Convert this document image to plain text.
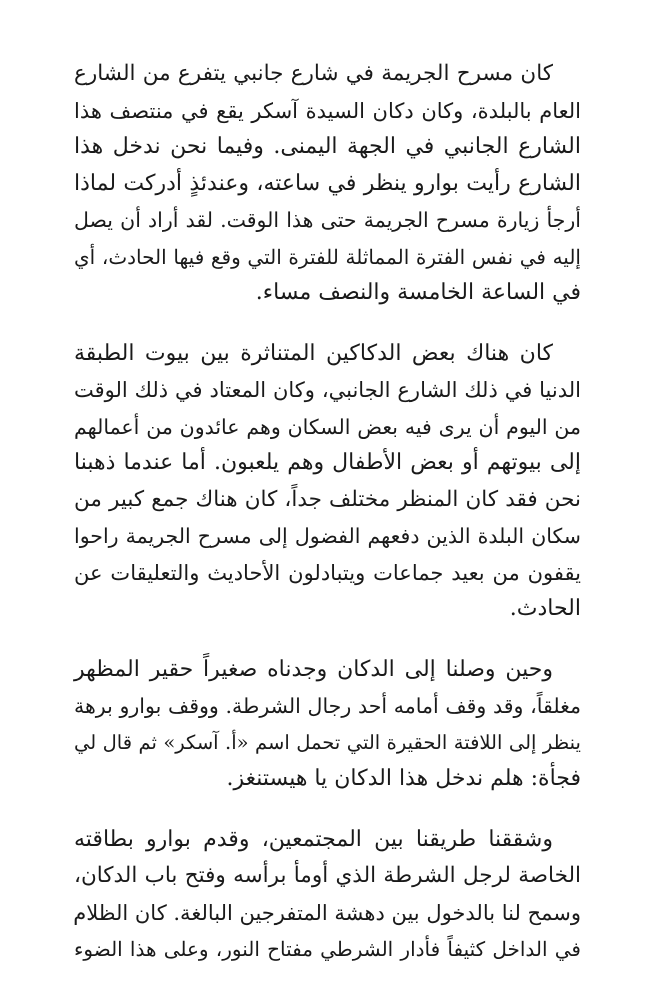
كان مسرح الجريمة في شارع جانبي يتفرع من الشارع
العام بالبلدة، وكان دكان السيدة آسكر يقع في منتصف هذا
الشارع الجانبي في الجهة اليمنى. وفيما نحن ندخل هذا
الشارع رأيت بوارو ينظر في ساعته، وعندئذٍ أدركت لماذا
أرجأ زيارة مسرح الجريمة حتى هذا الوقت. لقد أراد أن يصل
إليه في نفس الفترة المماثلة للفترة التي وقع فيها الحادث، أي
في الساعة الخامسة والنصف مساء.

كان هناك بعض الدكاكين المتناثرة بين بيوت الطبقة
الدنيا في ذلك الشارع الجانبي، وكان المعتاد في ذلك الوقت
من اليوم أن يرى فيه بعض السكان وهم عائدون من أعمالهم
إلى بيوتهم أو بعض الأطفال وهم يلعبون. أما عندما ذهبنا
نحن فقد كان المنظر مختلف جداً، كان هناك جمع كبير من
سكان البلدة الذين دفعهم الفضول إلى مسرح الجريمة راحوا
يقفون من بعيد جماعات ويتبادلون الأحاديث والتعليقات عن
الحادث.

وحين وصلنا إلى الدكان وجدناه صغيراً حقير المظهر
مغلقاً، وقد وقف أمامه أحد رجال الشرطة. ووقف بوارو برهة
ينظر إلى اللافتة الحقيرة التي تحمل اسم «أ. آسكر» ثم قال لي
فجأة: هلم ندخل هذا الدكان يا هيستنغز.

وشققنا طريقنا بين المجتمعين، وقدم بوارو بطاقته
الخاصة لرجل الشرطة الذي أومأ برأسه وفتح باب الدكان،
وسمح لنا بالدخول بين دهشة المتفرجين البالغة. كان الظلام
في الداخل كثيفاً فأدار الشرطي مفتاح النور، وعلى هذا الضوء
